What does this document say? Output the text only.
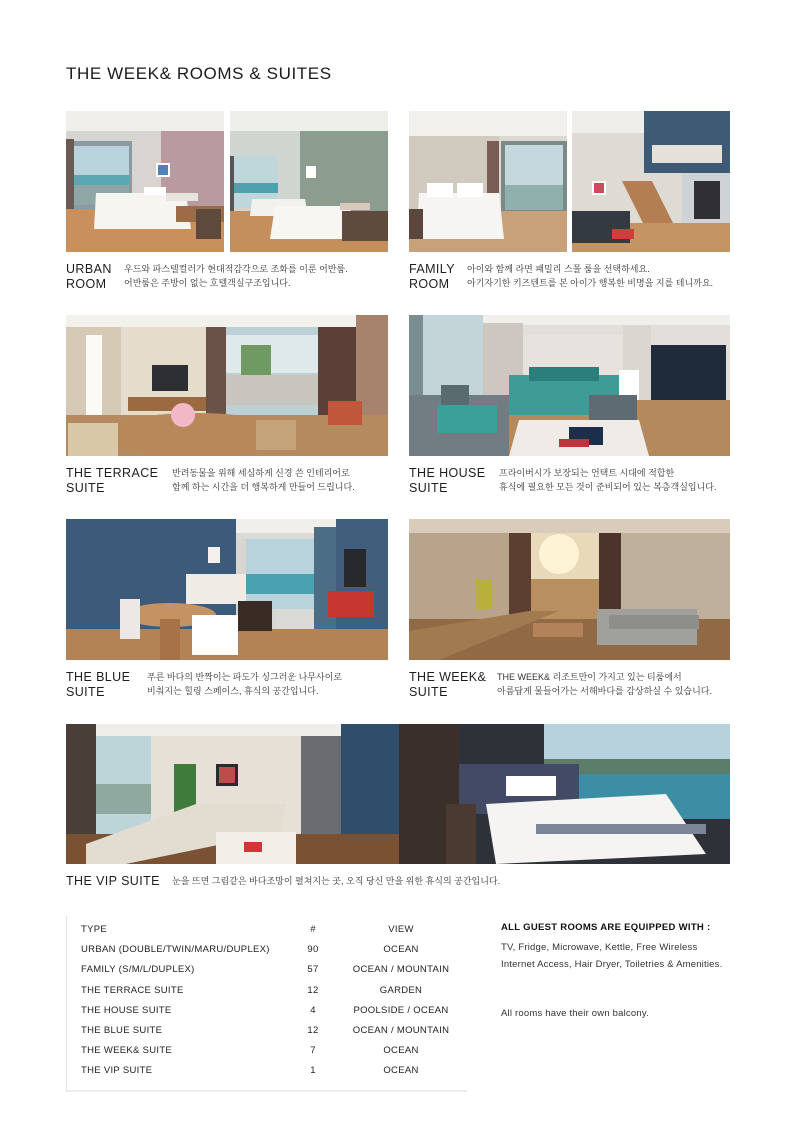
THE WEEK& ROOMS & SUITES
URBAN
ROOM
우드와 파스텔컬러가 현대적감각으로 조화를 이룬 어반룸.
어반룸은 주방이 없는 호텔객실구조입니다.
FAMILY
ROOM
아이와 함께 라면 패밀리 스몰 룸을 선택하세요.
아기자기한 키즈텐트를 본 아이가 행복한 비명을 지를 테니까요.
THE TERRACE
SUITE
반려동물을 위해 세심하게 신경 쓴 인테리어로
함께 하는 시간을 더 행복하게 만들어 드립니다.
THE HOUSE
SUITE
프라이버시가 보장되는 언택트 시대에 적합한
휴식에 필요한 모든 것이 준비되어 있는 복층객실입니다.
THE BLUE
SUITE
푸른 바다의 반짝이는 파도가 싱그러운 나무사이로
비춰지는 힐링 스페이스, 휴식의 공간입니다.
THE WEEK&
SUITE
THE WEEK& 리조트만이 가지고 있는 티룸에서
아름답게 물들어가는 서해바다를 감상하실 수 있습니다.
THE VIP SUITE 눈을 뜨면 그림같은 바다조망이 펼쳐지는 곳, 오직 당신 만을 위한 휴식의 공간입니다.
TYPE	#	VIEW
URBAN (DOUBLE/TWIN/MARU/DUPLEX)	90	OCEAN
FAMILY (S/M/L/DUPLEX)	57	OCEAN / MOUNTAIN
THE TERRACE SUITE	12	GARDEN
THE HOUSE SUITE	4	POOLSIDE / OCEAN
THE BLUE SUITE	12	OCEAN / MOUNTAIN
THE WEEK& SUITE	7	OCEAN
THE VIP SUITE	1	OCEAN
ALL GUEST ROOMS ARE EQUIPPED WITH :
TV, Fridge, Microwave, Kettle, Free Wireless Internet Access, Hair Dryer, Toiletries & Amenities.
All rooms have their own balcony.
